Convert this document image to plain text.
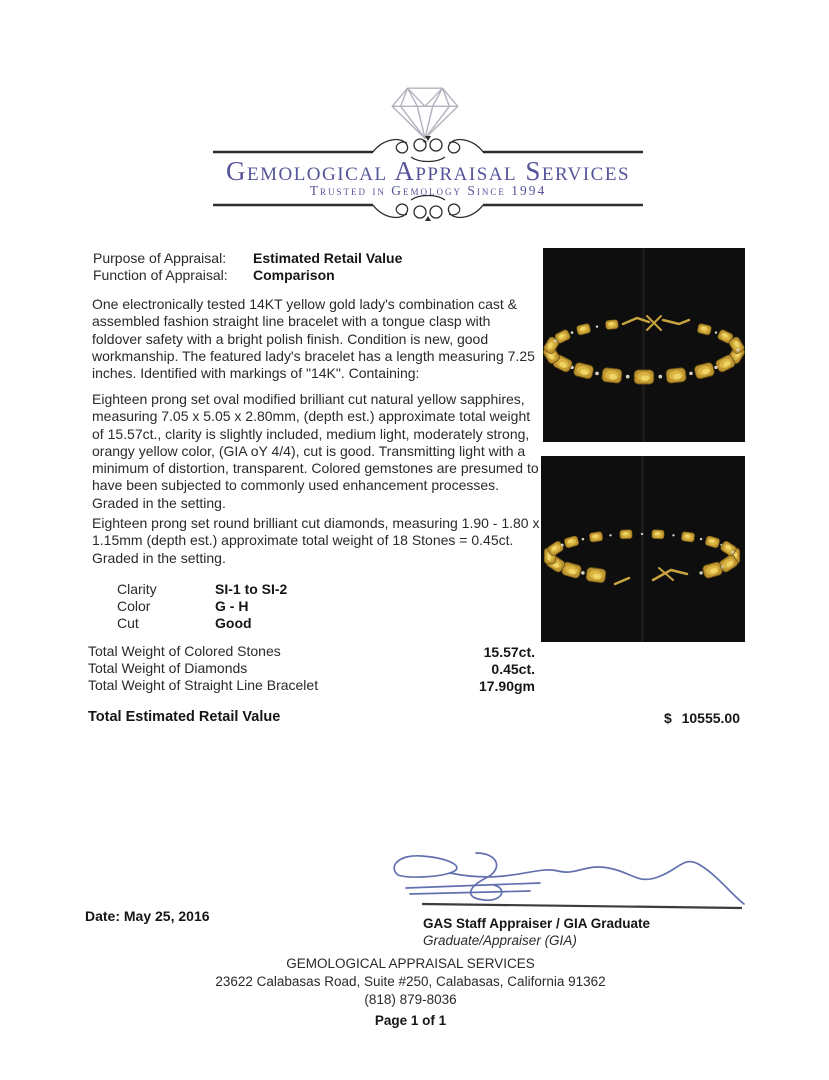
Gemological Appraisal Services
Trusted in Gemology Since 1994
Purpose of Appraisal: Estimated Retail Value
Function of Appraisal: Comparison
One electronically tested 14KT yellow gold lady's combination cast & assembled fashion straight line bracelet with a tongue clasp with foldover safety with a bright polish finish. Condition is new, good workmanship. The featured lady's bracelet has a length measuring 7.25 inches. Identified with markings of "14K". Containing:
Eighteen prong set oval modified brilliant cut natural yellow sapphires, measuring 7.05 x 5.05 x 2.80mm, (depth est.) approximate total weight of 15.57ct., clarity is slightly included, medium light, moderately strong, orangy yellow color, (GIA oY 4/4), cut is good. Transmitting light with a minimum of distortion, transparent. Colored gemstones are presumed to have been subjected to commonly used enhancement processes. Graded in the setting.
Eighteen prong set round brilliant cut diamonds, measuring 1.90 - 1.80 x 1.15mm (depth est.) approximate total weight of 18 Stones = 0.45ct. Graded in the setting.
Clarity	SI-1 to SI-2
Color	G - H
Cut	Good
Total Weight of Colored Stones	15.57ct.
Total Weight of Diamonds	0.45ct.
Total Weight of Straight Line Bracelet	17.90gm
Total Estimated Retail Value	$ 10555.00
Date: May 25, 2016	GAS Staff Appraiser / GIA Graduate
Graduate/Appraiser (GIA)
GEMOLOGICAL APPRAISAL SERVICES
23622 Calabasas Road, Suite #250, Calabasas, California 91362
(818) 879-8036
Page 1 of 1
